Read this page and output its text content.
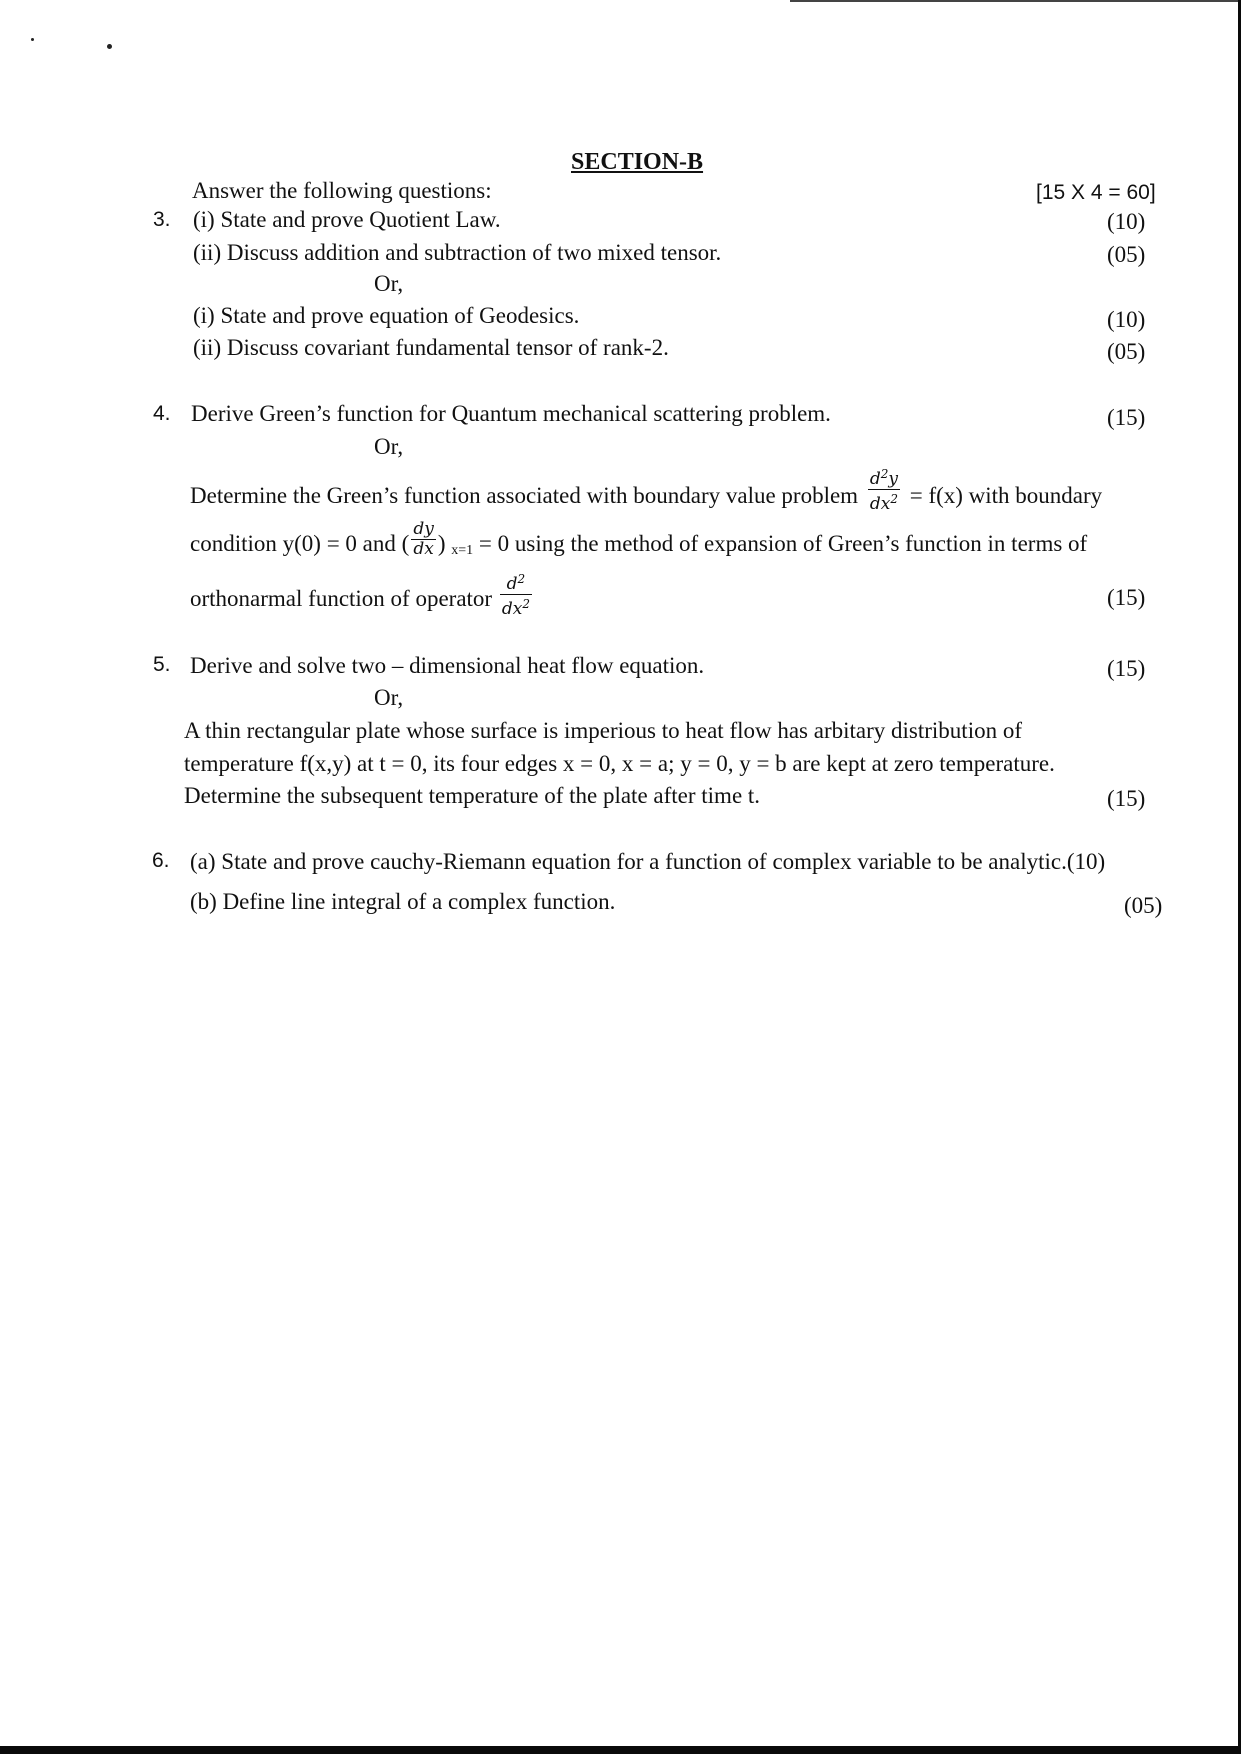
SECTION-B
Answer the following questions:	[15 X 4 = 60]
3. (i) State and prove Quotient Law.	(10)
(ii) Discuss addition and subtraction of two mixed tensor.	(05)
Or,
(i) State and prove equation of Geodesics.	(10)
(ii) Discuss covariant fundamental tensor of rank-2.	(05)
4. Derive Green’s function for Quantum mechanical scattering problem.	(15)
Or,
Determine the Green’s function associated with boundary value problem $\frac{d^2y}{dx^2} = f(x)$ with boundary
condition y(0) = 0 and ( $\frac{dy}{dx}$ ) $_{x=1}$ = 0 using the method of expansion of Green’s function in terms of
orthonarmal function of operator $\frac{d^2}{dx^2}$	(15)
5. Derive and solve two – dimensional heat flow equation.	(15)
Or,
A thin rectangular plate whose surface is imperious to heat flow has arbitary distribution of
temperature f(x,y) at t = 0, its four edges x = 0, x = a; y = 0, y = b are kept at zero temperature.
Determine the subsequent temperature of the plate after time t.	(15)
6. (a) State and prove cauchy-Riemann equation for a function of complex variable to be analytic.(10)
(b) Define line integral of a complex function.	(05)
